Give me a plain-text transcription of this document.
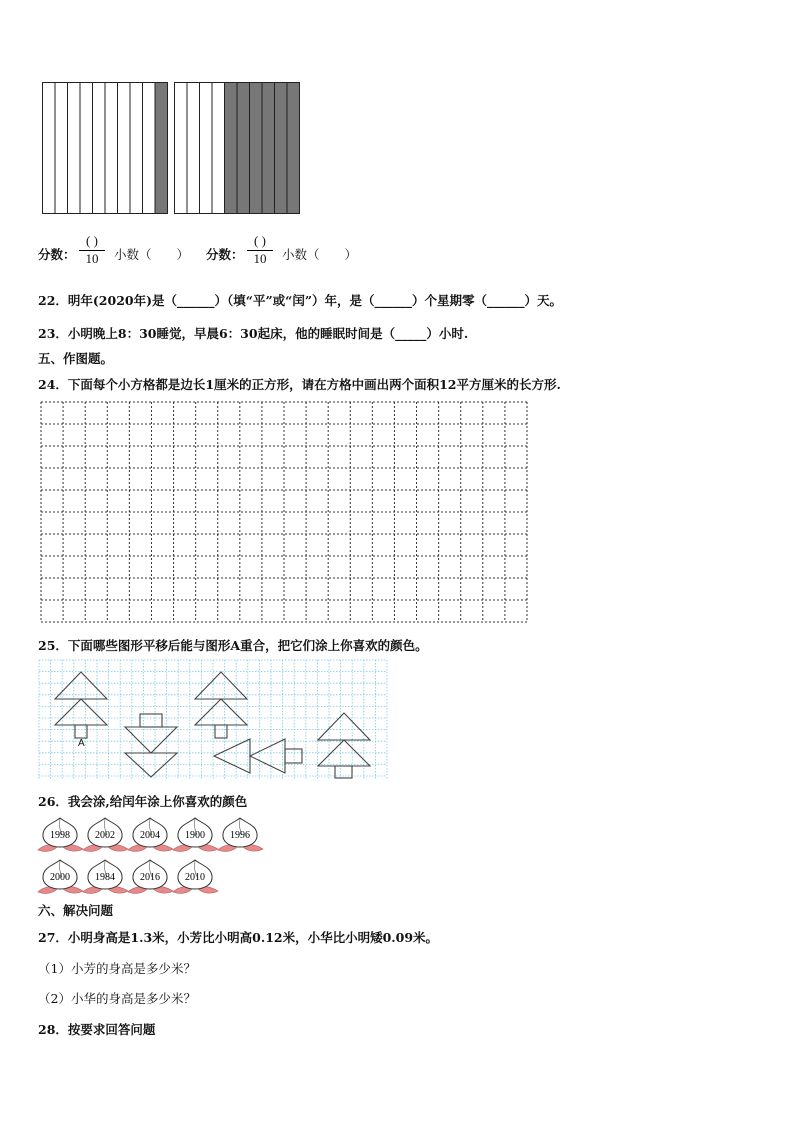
分数：
( )
10	小数（　　） 分数：
( )
10	小数（　　）
22．明年(2020年)是（______）（填“平”或“闰”）年，是（______）个星期零（______）天。
23．小明晚上8：30睡觉，早晨6：30起床，他的睡眠时间是（_____）小时.
五、作图题。
24．下面每个小方格都是边长1厘米的正方形，请在方格中画出两个面积12平方厘米的长方形.
25．下面哪些图形平移后能与图形A重合，把它们涂上你喜欢的颜色。
A
26．我会涂,给闰年涂上你喜欢的颜色
1998	2002	2004	1900	1996
2000	1984	2016	2010
六、解决问题
27．小明身高是1.3米，小芳比小明高0.12米，小华比小明矮0.09米。
（1）小芳的身高是多少米？
（2）小华的身高是多少米？
28．按要求回答问题
